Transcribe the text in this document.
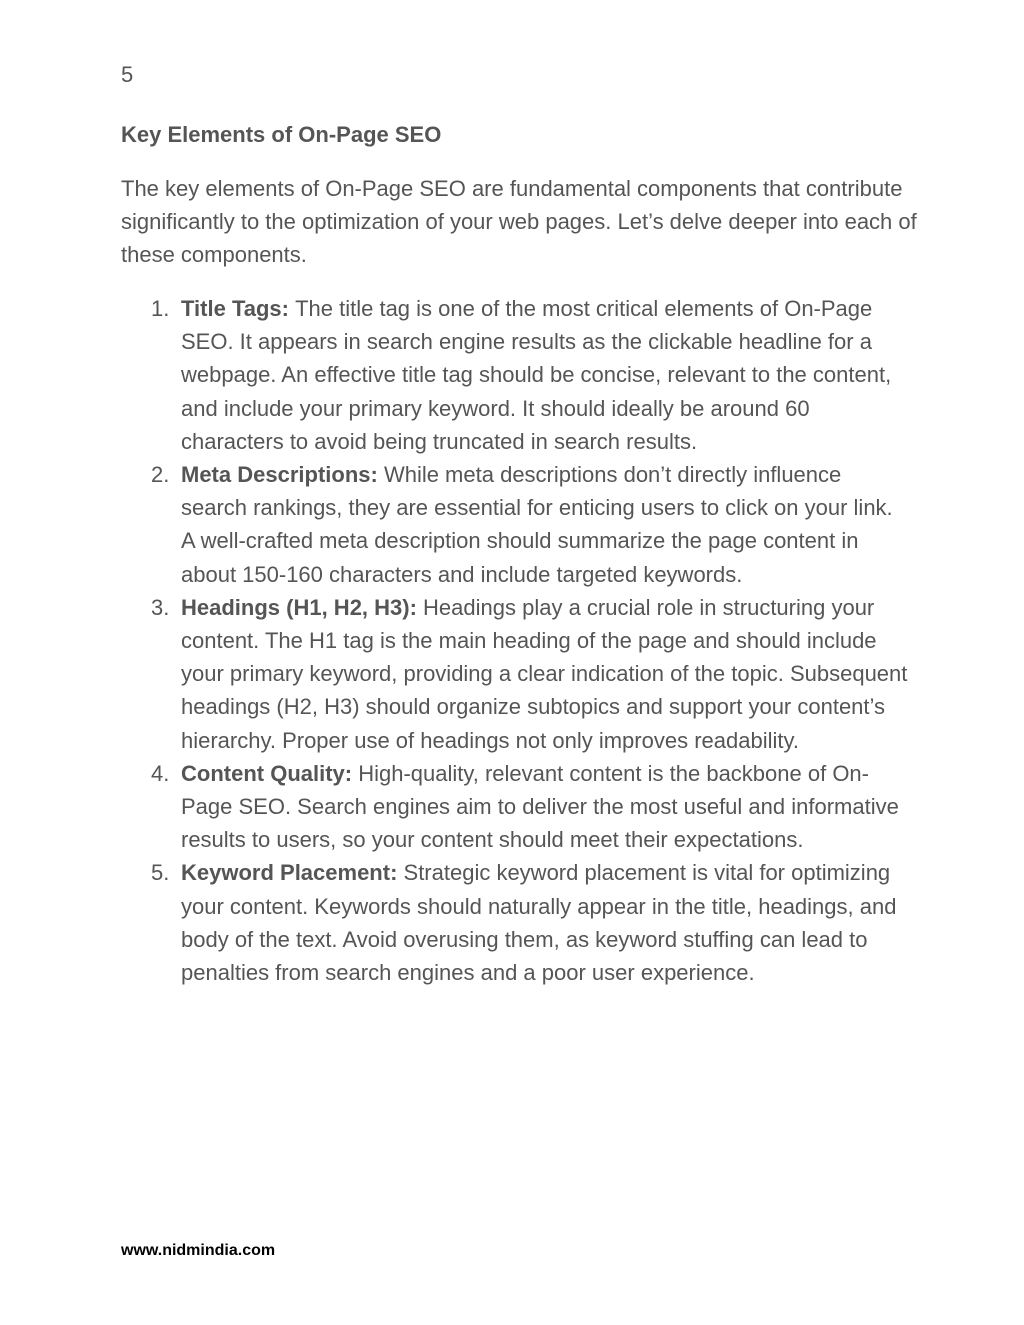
5
Key Elements of On-Page SEO

The key elements of On-Page SEO are fundamental components that contribute significantly to the optimization of your web pages. Let’s delve deeper into each of these components.

1. Title Tags: The title tag is one of the most critical elements of On-Page SEO. It appears in search engine results as the clickable headline for a webpage. An effective title tag should be concise, relevant to the content, and include your primary keyword. It should ideally be around 60 characters to avoid being truncated in search results.
2. Meta Descriptions: While meta descriptions don’t directly influence search rankings, they are essential for enticing users to click on your link. A well-crafted meta description should summarize the page content in about 150-160 characters and include targeted keywords.
3. Headings (H1, H2, H3): Headings play a crucial role in structuring your content. The H1 tag is the main heading of the page and should include your primary keyword, providing a clear indication of the topic. Subsequent headings (H2, H3) should organize subtopics and support your content’s hierarchy. Proper use of headings not only improves readability.
4. Content Quality: High-quality, relevant content is the backbone of On-Page SEO. Search engines aim to deliver the most useful and informative results to users, so your content should meet their expectations.
5. Keyword Placement: Strategic keyword placement is vital for optimizing your content. Keywords should naturally appear in the title, headings, and body of the text. Avoid overusing them, as keyword stuffing can lead to penalties from search engines and a poor user experience.
www.nidmindia.com
